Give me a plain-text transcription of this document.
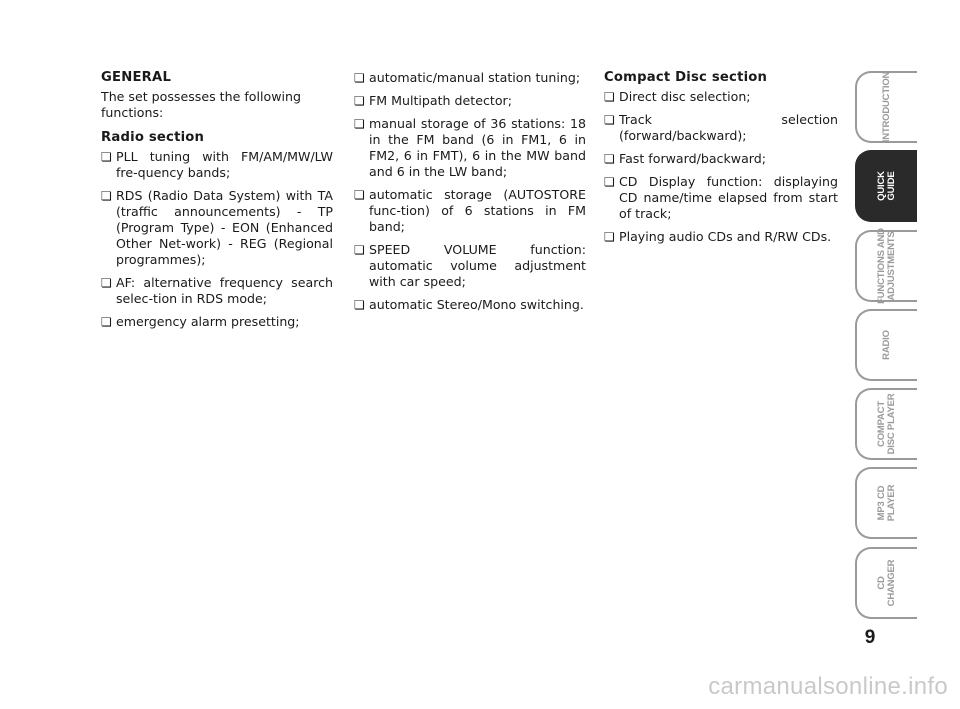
GENERAL
The set possesses the following functions:
Radio section
❏ PLL tuning with FM/AM/MW/LW fre-quency bands;
❏ RDS (Radio Data System) with TA (traffic announcements) - TP (Program Type) - EON (Enhanced Other Net-work) - REG (Regional programmes);
❏ AF: alternative frequency search selec-tion in RDS mode;
❏ emergency alarm presetting;
❏ automatic/manual station tuning;
❏ FM Multipath detector;
❏ manual storage of 36 stations: 18 in the FM band (6 in FM1, 6 in FM2, 6 in FMT), 6 in the MW band and 6 in the LW band;
❏ automatic storage (AUTOSTORE func-tion) of 6 stations in FM band;
❏ SPEED VOLUME function: automatic volume adjustment with car speed;
❏ automatic Stereo/Mono switching.
Compact Disc section
❏ Direct disc selection;
❏ Track selection (forward/backward);
❏ Fast forward/backward;
❏ CD Display function: displaying CD name/time elapsed from start of track;
❏ Playing audio CDs and R/RW CDs.
INTRODUCTION
QUICK
GUIDE
FUNCTIONS AND
ADJUSTMENTS
RADIO
COMPACT
DISC PLAYER
MP3 CD
PLAYER
CD
CHANGER
9
carmanualsonline.info
